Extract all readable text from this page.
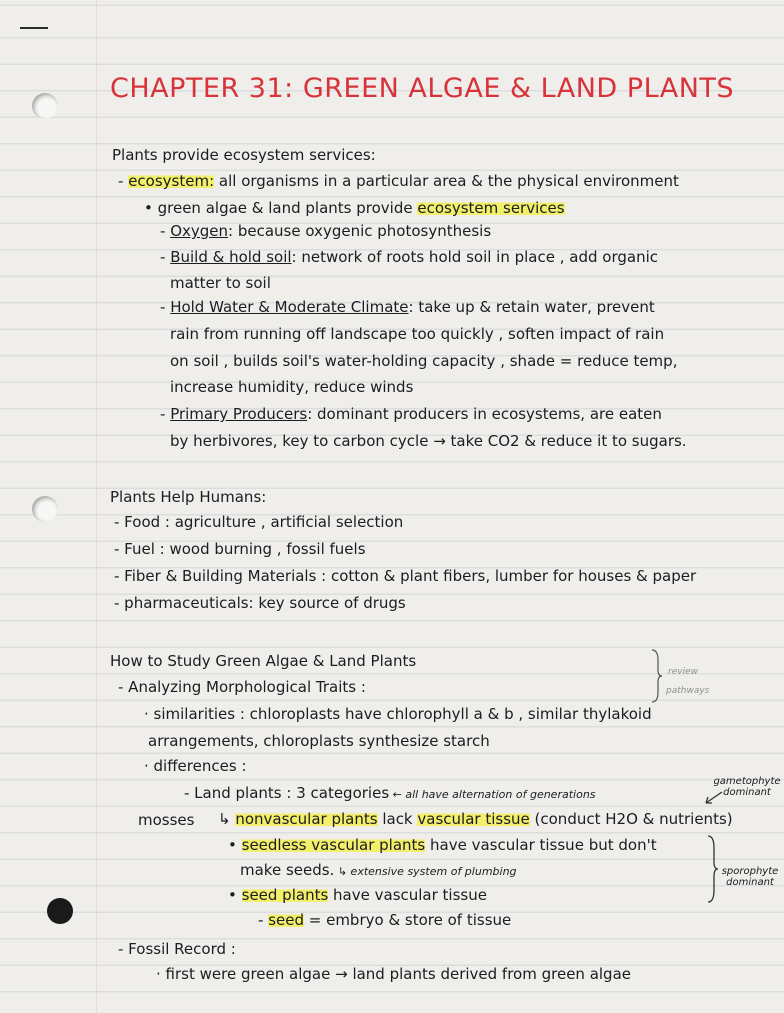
CHAPTER 31: GREEN ALGAE & LAND PLANTS
Plants provide ecosystem services:
- ecosystem: all organisms in a particular area & the physical environment
• green algae & land plants provide ecosystem services
- Oxygen: because oxygenic photosynthesis
- Build & hold soil: network of roots hold soil in place , add organic
matter to soil
- Hold Water & Moderate Climate: take up & retain water, prevent
rain from running off landscape too quickly , soften impact of rain
on soil , builds soil's water-holding capacity , shade = reduce temp,
increase humidity, reduce winds
- Primary Producers: dominant producers in ecosystems, are eaten
by herbivores, key to carbon cycle → take CO2 & reduce it to sugars.
Plants Help Humans:
- Food : agriculture , artificial selection
- Fuel : wood burning , fossil fuels
- Fiber & Building Materials : cotton & plant fibers, lumber for houses & paper
- pharmaceuticals: key source of drugs
How to Study Green Algae & Land Plants
- Analyzing Morphological Traits :
· similarities : chloroplasts have chlorophyll a & b , similar thylakoid
arrangements, chloroplasts synthesize starch
· differences :
- Land plants : 3 categories ← all have alternation of generations
mosses ↳ nonvascular plants lack vascular tissue (conduct H2O & nutrients)
• seedless vascular plants have vascular tissue but don't
make seeds. ↳ extensive system of plumbing
• seed plants have vascular tissue
- seed = embryo & store of tissue
gametophyte dominant
sporophyte dominant
review
pathways
- Fossil Record :
· first were green algae → land plants derived from green algae
